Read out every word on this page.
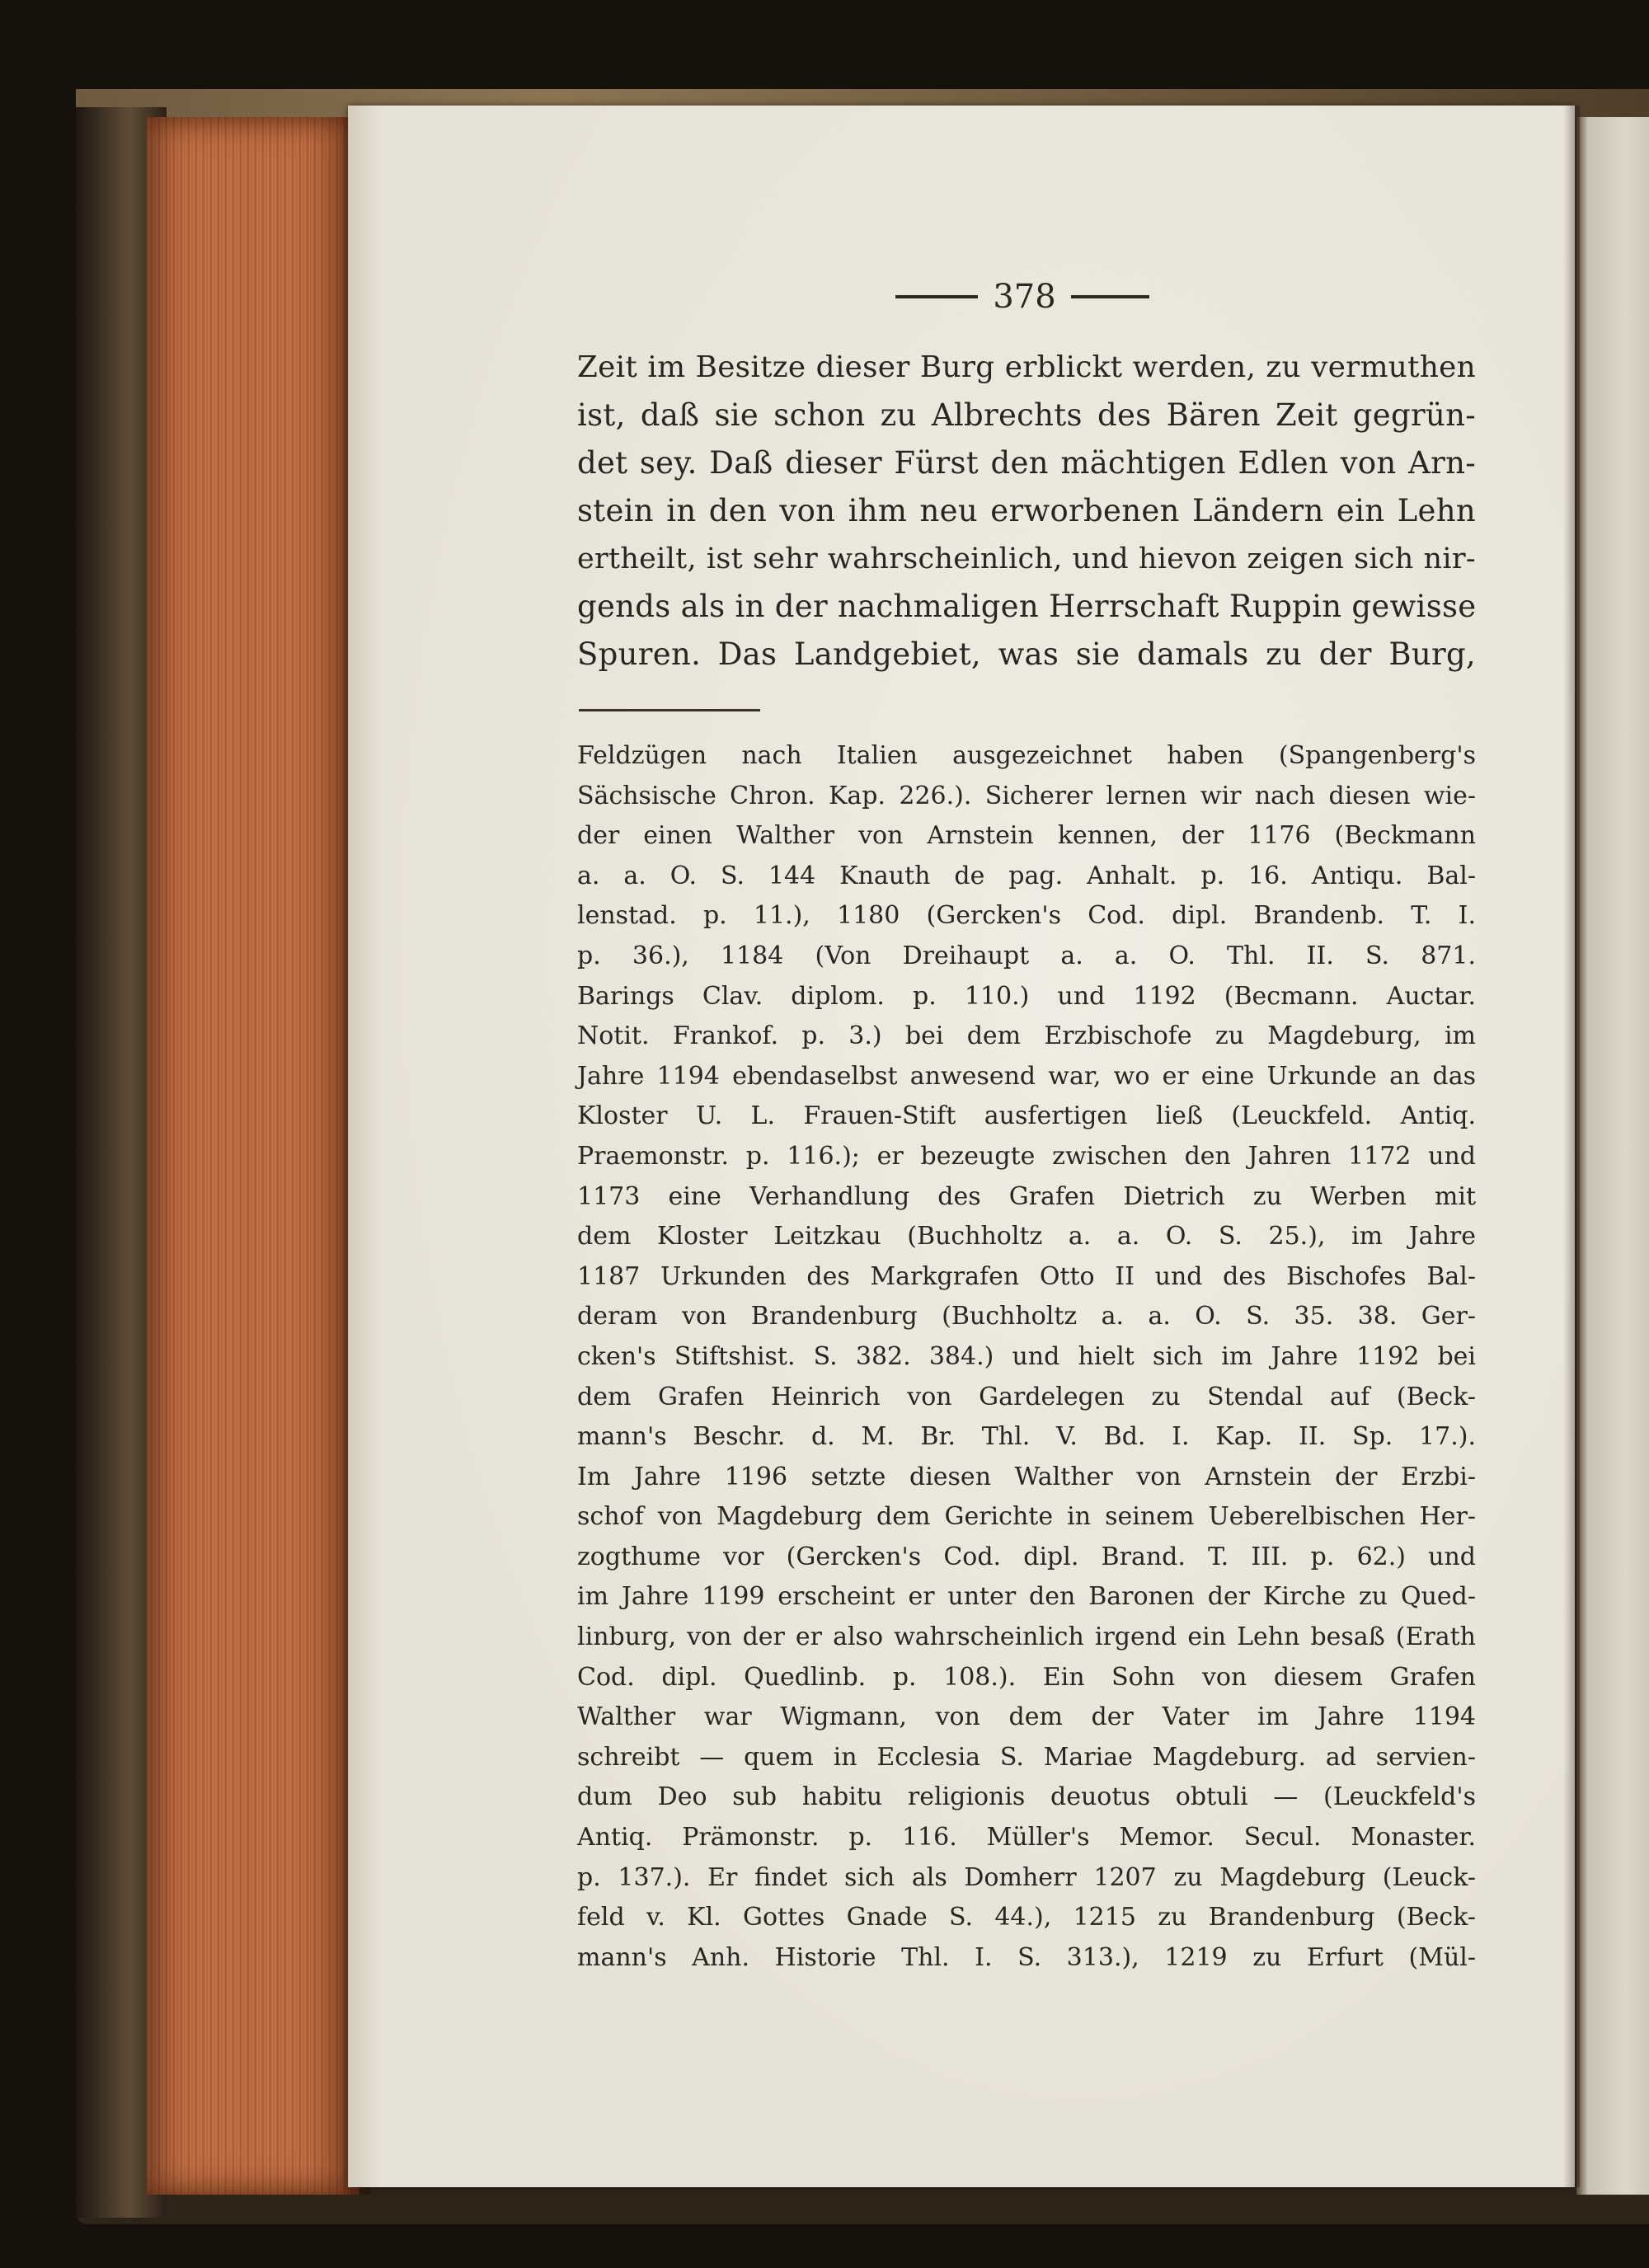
378
Zeit im Besitze dieser Burg erblickt werden, zu vermuthen
ist, daß sie schon zu Albrechts des Bären Zeit gegrün-
det sey. Daß dieser Fürst den mächtigen Edlen von Arn-
stein in den von ihm neu erworbenen Ländern ein Lehn
ertheilt, ist sehr wahrscheinlich, und hievon zeigen sich nir-
gends als in der nachmaligen Herrschaft Ruppin gewisse
Spuren. Das Landgebiet, was sie damals zu der Burg,
Feldzügen nach Italien ausgezeichnet haben (Spangenberg's
Sächsische Chron. Kap. 226.). Sicherer lernen wir nach diesen wie-
der einen Walther von Arnstein kennen, der 1176 (Beckmann
a. a. O. S. 144 Knauth de pag. Anhalt. p. 16. Antiqu. Bal-
lenstad. p. 11.), 1180 (Gercken's Cod. dipl. Brandenb. T. I.
p. 36.), 1184 (Von Dreihaupt a. a. O. Thl. II. S. 871.
Barings Clav. diplom. p. 110.) und 1192 (Becmann. Auctar.
Notit. Frankof. p. 3.) bei dem Erzbischofe zu Magdeburg, im
Jahre 1194 ebendaselbst anwesend war, wo er eine Urkunde an das
Kloster U. L. Frauen-Stift ausfertigen ließ (Leuckfeld. Antiq.
Praemonstr. p. 116.); er bezeugte zwischen den Jahren 1172 und
1173 eine Verhandlung des Grafen Dietrich zu Werben mit
dem Kloster Leitzkau (Buchholtz a. a. O. S. 25.), im Jahre
1187 Urkunden des Markgrafen Otto II und des Bischofes Bal-
deram von Brandenburg (Buchholtz a. a. O. S. 35. 38. Ger-
cken's Stiftshist. S. 382. 384.) und hielt sich im Jahre 1192 bei
dem Grafen Heinrich von Gardelegen zu Stendal auf (Beck-
mann's Beschr. d. M. Br. Thl. V. Bd. I. Kap. II. Sp. 17.).
Im Jahre 1196 setzte diesen Walther von Arnstein der Erzbi-
schof von Magdeburg dem Gerichte in seinem Ueberelbischen Her-
zogthume vor (Gercken's Cod. dipl. Brand. T. III. p. 62.) und
im Jahre 1199 erscheint er unter den Baronen der Kirche zu Qued-
linburg, von der er also wahrscheinlich irgend ein Lehn besaß (Erath
Cod. dipl. Quedlinb. p. 108.). Ein Sohn von diesem Grafen
Walther war Wigmann, von dem der Vater im Jahre 1194
schreibt — quem in Ecclesia S. Mariae Magdeburg. ad servien-
dum Deo sub habitu religionis deuotus obtuli — (Leuckfeld's
Antiq. Prämonstr. p. 116. Müller's Memor. Secul. Monaster.
p. 137.). Er findet sich als Domherr 1207 zu Magdeburg (Leuck-
feld v. Kl. Gottes Gnade S. 44.), 1215 zu Brandenburg (Beck-
mann's Anh. Historie Thl. I. S. 313.), 1219 zu Erfurt (Mül-
